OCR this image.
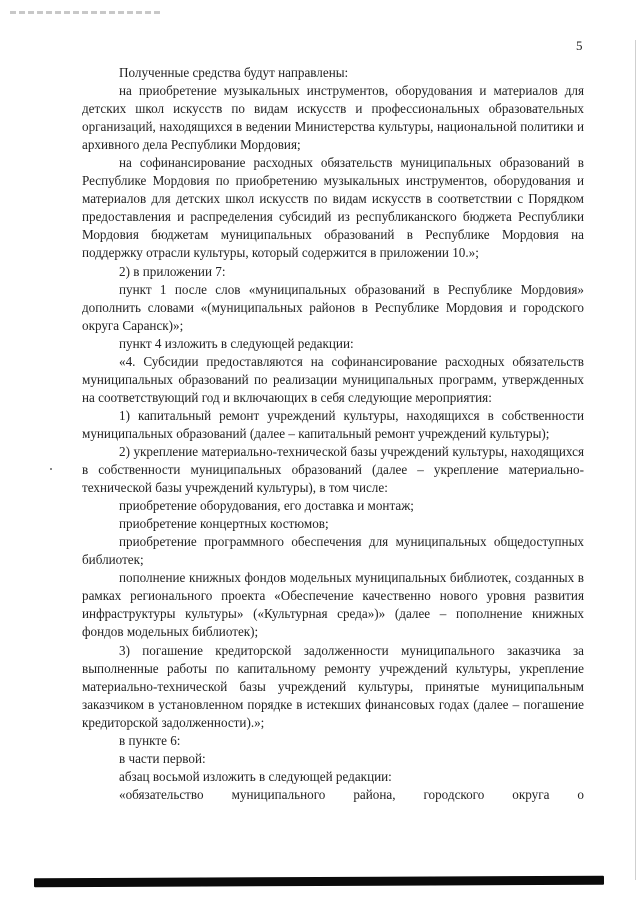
5

Полученные средства будут направлены:

на приобретение музыкальных инструментов, оборудования и материалов для детских школ искусств по видам искусств и профессиональных образовательных организаций, находящихся в ведении Министерства культуры, национальной политики и архивного дела Республики Мордовия;

на софинансирование расходных обязательств муниципальных образований в Республике Мордовия по приобретению музыкальных инструментов, оборудования и материалов для детских школ искусств по видам искусств в соответствии с Порядком предоставления и распределения субсидий из республиканского бюджета Республики Мордовия бюджетам муниципальных образований в Республике Мордовия на поддержку отрасли культуры, который содержится в приложении 10.»;

2) в приложении 7:

пункт 1 после слов «муниципальных образований в Республике Мордовия» дополнить словами «(муниципальных районов в Республике Мордовия и городского округа Саранск)»;

пункт 4 изложить в следующей редакции:

«4. Субсидии предоставляются на софинансирование расходных обязательств муниципальных образований по реализации муниципальных программ, утвержденных на соответствующий год и включающих в себя следующие мероприятия:

1) капитальный ремонт учреждений культуры, находящихся в собственности муниципальных образований (далее – капитальный ремонт учреждений культуры);

2) укрепление материально-технической базы учреждений культуры, находящихся в собственности муниципальных образований (далее – укрепление материально-технической базы учреждений культуры), в том числе:

приобретение оборудования, его доставка и монтаж;

приобретение концертных костюмов;

приобретение программного обеспечения для муниципальных общедоступных библиотек;

пополнение книжных фондов модельных муниципальных библиотек, созданных в рамках регионального проекта «Обеспечение качественно нового уровня развития инфраструктуры культуры» («Культурная среда»)» (далее – пополнение книжных фондов модельных библиотек);

3) погашение кредиторской задолженности муниципального заказчика за выполненные работы по капитальному ремонту учреждений культуры, укрепление материально-технической базы учреждений культуры, принятые муниципальным заказчиком в установленном порядке в истекших финансовых годах (далее – погашение кредиторской задолженности).»;

в пункте 6:

в части первой:

абзац восьмой изложить в следующей редакции:

«обязательство муниципального района, городского округа о
